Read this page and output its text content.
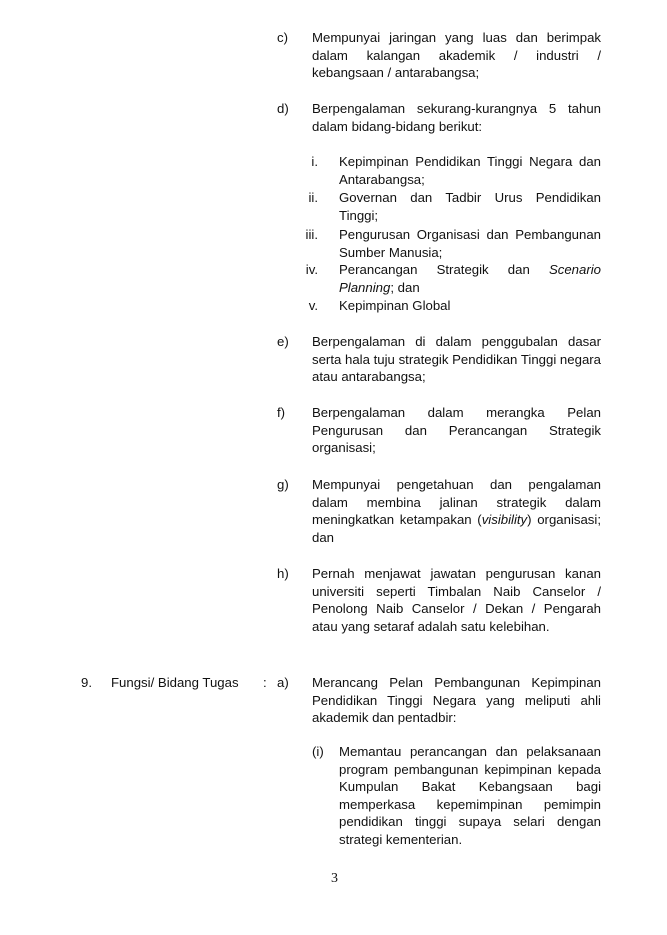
c) Mempunyai jaringan yang luas dan berimpak dalam kalangan akademik / industri / kebangsaan / antarabangsa;
d) Berpengalaman sekurang-kurangnya 5 tahun dalam bidang-bidang berikut:
i. Kepimpinan Pendidikan Tinggi Negara dan Antarabangsa;
ii. Governan dan Tadbir Urus Pendidikan Tinggi;
iii. Pengurusan Organisasi dan Pembangunan Sumber Manusia;
iv. Perancangan Strategik dan Scenario Planning; dan
v. Kepimpinan Global
e) Berpengalaman di dalam penggubalan dasar serta hala tuju strategik Pendidikan Tinggi negara atau antarabangsa;
f) Berpengalaman dalam merangka Pelan Pengurusan dan Perancangan Strategik organisasi;
g) Mempunyai pengetahuan dan pengalaman dalam membina jalinan strategik dalam meningkatkan ketampakan (visibility) organisasi; dan
h) Pernah menjawat jawatan pengurusan kanan universiti seperti Timbalan Naib Canselor / Penolong Naib Canselor / Dekan / Pengarah atau yang setaraf adalah satu kelebihan.
9. Fungsi/ Bidang Tugas : a) Merancang Pelan Pembangunan Kepimpinan Pendidikan Tinggi Negara yang meliputi ahli akademik dan pentadbir:
(i) Memantau perancangan dan pelaksanaan program pembangunan kepimpinan kepada Kumpulan Bakat Kebangsaan bagi memperkasa kepemimpinan pemimpin pendidikan tinggi supaya selari dengan strategi kementerian.
3
